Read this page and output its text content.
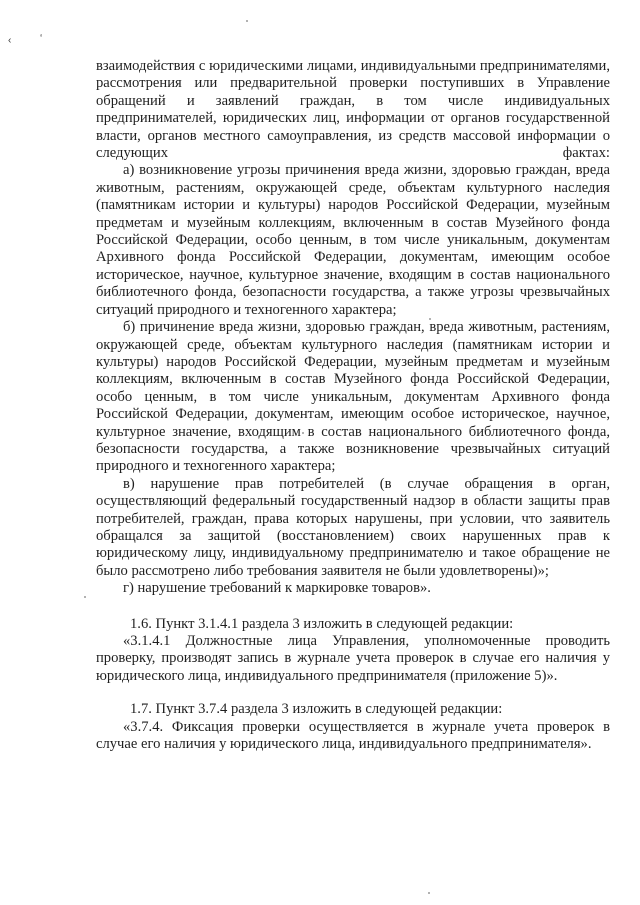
‹	‘

взаимодействия с юридическими лицами, индивидуальными предпринимателями, рассмотрения или предварительной проверки поступивших в Управление обращений и заявлений граждан, в том числе индивидуальных предпринимателей, юридических лиц, информации от органов государственной власти, органов местного самоуправления, из средств массовой информации о следующих фактах:

а) возникновение угрозы причинения вреда жизни, здоровью граждан, вреда животным, растениям, окружающей среде, объектам культурного наследия (памятникам истории и культуры) народов Российской Федерации, музейным предметам и музейным коллекциям, включенным в состав Музейного фонда Российской Федерации, особо ценным, в том числе уникальным, документам Архивного фонда Российской Федерации, документам, имеющим особое историческое, научное, культурное значение, входящим в состав национального библиотечного фонда, безопасности государства, а также угрозы чрезвычайных ситуаций природного и техногенного характера;

б) причинение вреда жизни, здоровью граждан, вреда животным, растениям, окружающей среде, объектам культурного наследия (памятникам истории и культуры) народов Российской Федерации, музейным предметам и музейным коллекциям, включенным в состав Музейного фонда Российской Федерации, особо ценным, в том числе уникальным, документам Архивного фонда Российской Федерации, документам, имеющим особое историческое, научное, культурное значение, входящим в состав национального библиотечного фонда, безопасности государства, а также возникновение чрезвычайных ситуаций природного и техногенного характера;

в) нарушение прав потребителей (в случае обращения в орган, осуществляющий федеральный государственный надзор в области защиты прав потребителей, граждан, права которых нарушены, при условии, что заявитель обращался за защитой (восстановлением) своих нарушенных прав к юридическому лицу, индивидуальному предпринимателю и такое обращение не было рассмотрено либо требования заявителя не были удовлетворены)»;

г) нарушение требований к маркировке товаров».

1.6. Пункт 3.1.4.1 раздела 3 изложить в следующей редакции:

«3.1.4.1 Должностные лица Управления, уполномоченные проводить проверку, производят запись в журнале учета проверок в случае его наличия у юридического лица, индивидуального предпринимателя (приложение 5)».

1.7. Пункт 3.7.4 раздела 3 изложить в следующей редакции:

«3.7.4. Фиксация проверки осуществляется в журнале учета проверок в случае его наличия у юридического лица, индивидуального предпринимателя».
